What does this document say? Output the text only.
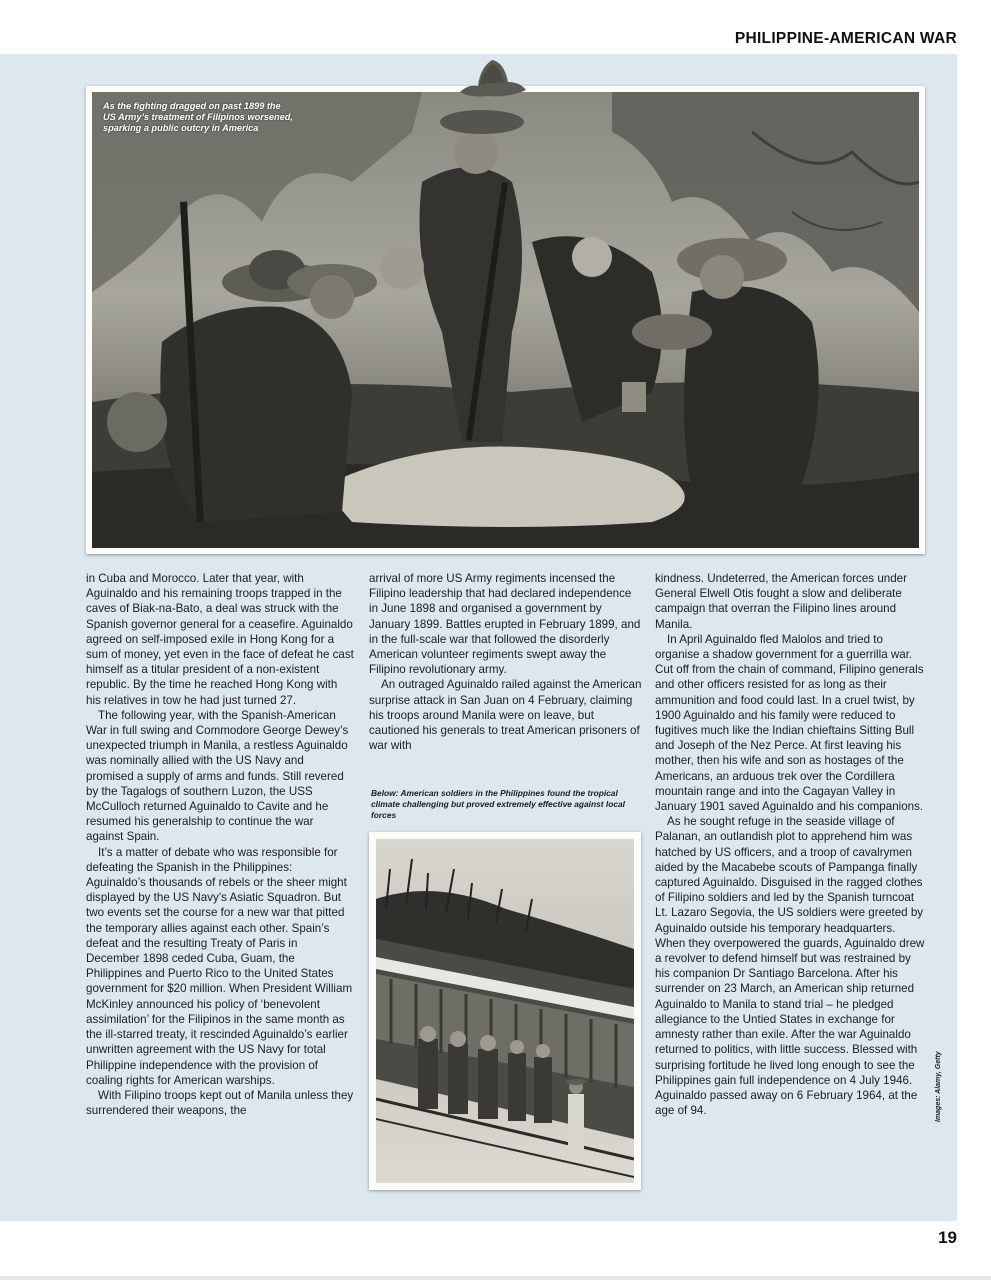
PHILIPPINE-AMERICAN WAR
As the fighting dragged on past 1899 the
US Army’s treatment of Filipinos worsened,
sparking a public outcry in America

in Cuba and Morocco. Later that year, with Aguinaldo and his remaining troops trapped in the caves of Biak-na-Bato, a deal was struck with the Spanish governor general for a ceasefire. Aguinaldo agreed on self-imposed exile in Hong Kong for a sum of money, yet even in the face of defeat he cast himself as a titular president of a non-existent republic. By the time he reached Hong Kong with his relatives in tow he had just turned 27.

The following year, with the Spanish-American War in full swing and Commodore George Dewey’s unexpected triumph in Manila, a restless Aguinaldo was nominally allied with the US Navy and promised a supply of arms and funds. Still revered by the Tagalogs of southern Luzon, the USS McCulloch returned Aguinaldo to Cavite and he resumed his generalship to continue the war against Spain.

It’s a matter of debate who was responsible for defeating the Spanish in the Philippines: Aguinaldo’s thousands of rebels or the sheer might displayed by the US Navy’s Asiatic Squadron. But two events set the course for a new war that pitted the temporary allies against each other. Spain’s defeat and the resulting Treaty of Paris in December 1898 ceded Cuba, Guam, the Philippines and Puerto Rico to the United States government for $20 million. When President William McKinley announced his policy of ‘benevolent assimilation’ for the Filipinos in the same month as the ill-starred treaty, it rescinded Aguinaldo’s earlier unwritten agreement with the US Navy for total Philippine independence with the provision of coaling rights for American warships.

With Filipino troops kept out of Manila unless they surrendered their weapons, the

arrival of more US Army regiments incensed the Filipino leadership that had declared independence in June 1898 and organised a government by January 1899. Battles erupted in February 1899, and in the full-scale war that followed the disorderly American volunteer regiments swept away the Filipino revolutionary army.

An outraged Aguinaldo railed against the American surprise attack in San Juan on 4 February, claiming his troops around Manila were on leave, but cautioned his generals to treat American prisoners of war with

Below: American soldiers in the Philippines found the tropical climate challenging but proved extremely effective against local forces

kindness. Undeterred, the American forces under General Elwell Otis fought a slow and deliberate campaign that overran the Filipino lines around Manila.

In April Aguinaldo fled Malolos and tried to organise a shadow government for a guerrilla war. Cut off from the chain of command, Filipino generals and other officers resisted for as long as their ammunition and food could last. In a cruel twist, by 1900 Aguinaldo and his family were reduced to fugitives much like the Indian chieftains Sitting Bull and Joseph of the Nez Perce. At first leaving his mother, then his wife and son as hostages of the Americans, an arduous trek over the Cordillera mountain range and into the Cagayan Valley in January 1901 saved Aguinaldo and his companions.

As he sought refuge in the seaside village of Palanan, an outlandish plot to apprehend him was hatched by US officers, and a troop of cavalrymen aided by the Macabebe scouts of Pampanga finally captured Aguinaldo. Disguised in the ragged clothes of Filipino soldiers and led by the Spanish turncoat Lt. Lazaro Segovia, the US soldiers were greeted by Aguinaldo outside his temporary headquarters. When they overpowered the guards, Aguinaldo drew a revolver to defend himself but was restrained by his companion Dr Santiago Barcelona. After his surrender on 23 March, an American ship returned Aguinaldo to Manila to stand trial – he pledged allegiance to the Untied States in exchange for amnesty rather than exile. After the war Aguinaldo returned to politics, with little success. Blessed with surprising fortitude he lived long enough to see the Philippines gain full independence on 4 July 1946. Aguinaldo passed away on 6 February 1964, at the age of 94.	Images: Alamy, Getty
19
